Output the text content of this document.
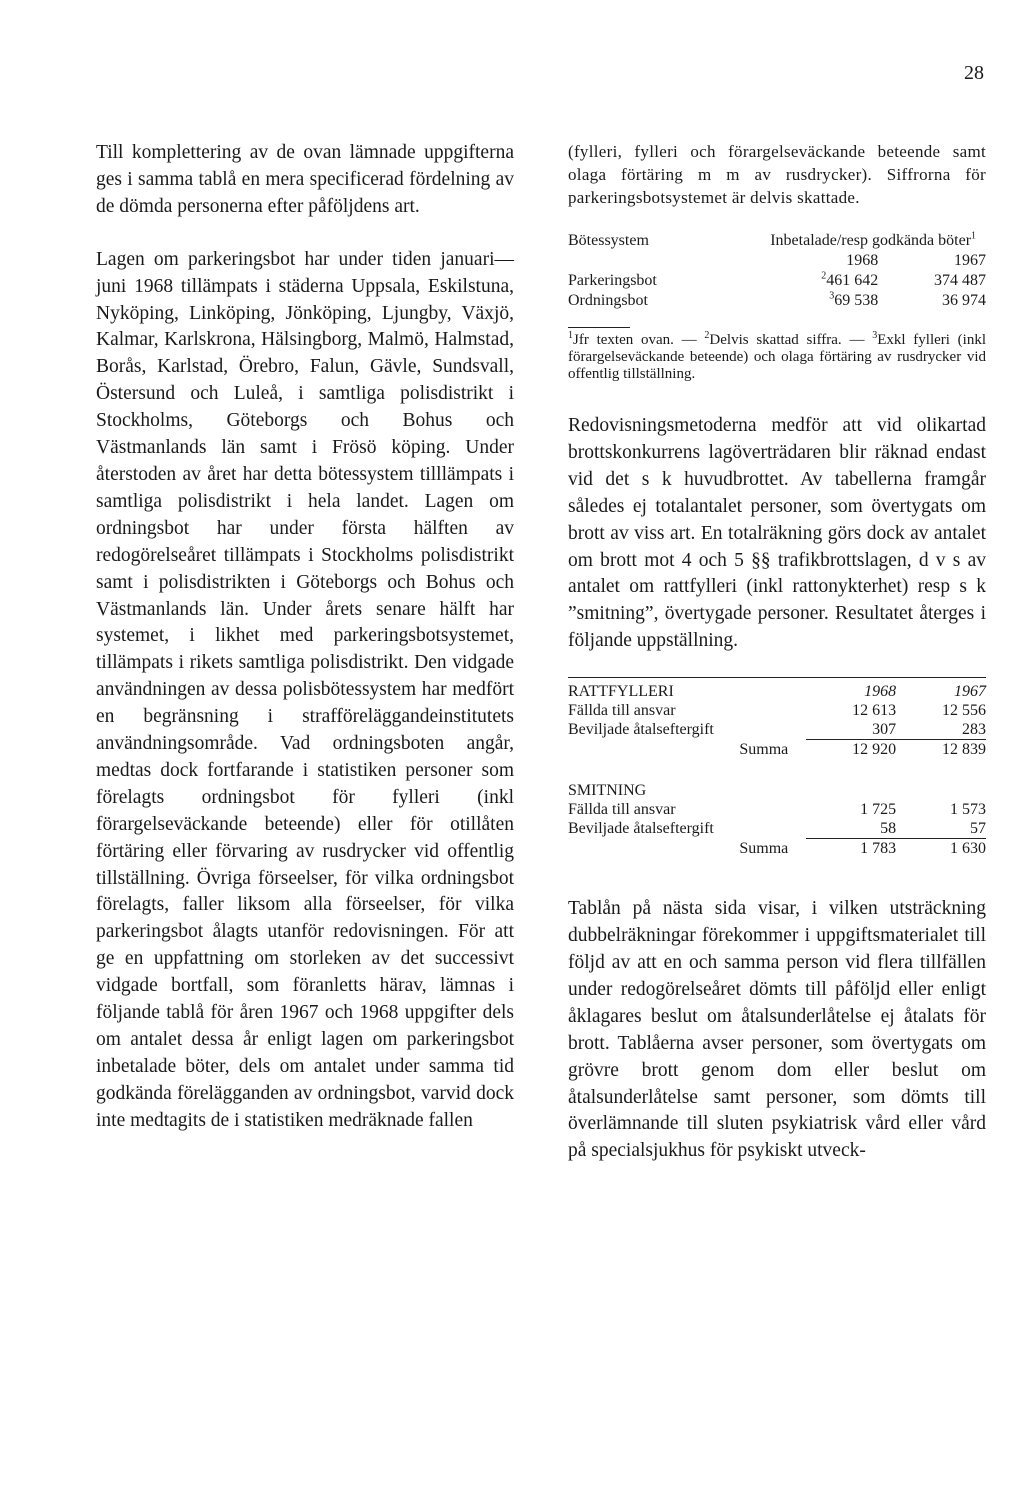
28

Till komplettering av de ovan lämnade uppgifterna ges i samma tablå en mera specificerad fördelning av de dömda personerna efter påföljdens art.

Lagen om parkeringsbot har under tiden januari—juni 1968 tillämpats i städerna Uppsala, Eskilstuna, Nyköping, Linköping, Jönköping, Ljungby, Växjö, Kalmar, Karlskrona, Hälsingborg, Malmö, Halmstad, Borås, Karlstad, Örebro, Falun, Gävle, Sundsvall, Östersund och Luleå, i samtliga polisdistrikt i Stockholms, Göteborgs och Bohus och Västmanlands län samt i Frösö köping. Under återstoden av året har detta bötessystem tilllämpats i samtliga polisdistrikt i hela landet. Lagen om ordningsbot har under första hälften av redogörelseåret tillämpats i Stockholms polisdistrikt samt i polisdistrikten i Göteborgs och Bohus och Västmanlands län. Under årets senare hälft har systemet, i likhet med parkeringsbotsystemet, tillämpats i rikets samtliga polisdistrikt. Den vidgade användningen av dessa polisbötessystem har medfört en begränsning i strafföreläggandeinstitutets användningsområde. Vad ordningsboten angår, medtas dock fortfarande i statistiken personer som förelagts ordningsbot för fylleri (inkl förargelseväckande beteende) eller för otillåten förtäring eller förvaring av rusdrycker vid offentlig tillställning. Övriga förseelser, för vilka ordningsbot förelagts, faller liksom alla förseelser, för vilka parkeringsbot ålagts utanför redovisningen. För att ge en uppfattning om storleken av det successivt vidgade bortfall, som föranletts härav, lämnas i följande tablå för åren 1967 och 1968 uppgifter dels om antalet dessa år enligt lagen om parkeringsbot inbetalade böter, dels om antalet under samma tid godkända förelägganden av ordningsbot, varvid dock inte medtagits de i statistiken medräknade fallen

(fylleri, fylleri och förargelseväckande beteende samt olaga förtäring m m av rusdrycker). Siffrorna för parkeringsbotsystemet är delvis skattade.

Bötessystem	Inbetalade/resp godkända böter$^1$
	1968	1967
Parkeringsbot	$^2$461 642	374 487
Ordningsbot	$^3$69 538	36 974
$^1$Jfr texten ovan. — $^2$Delvis skattad siffra. — $^3$Exkl fylleri (inkl förargelseväckande beteende) och olaga förtäring av rusdrycker vid offentlig tillställning.

Redovisningsmetoderna medför att vid olikartad brottskonkurrens lagöverträdaren blir räknad endast vid det s k huvudbrottet. Av tabellerna framgår således ej totalantalet personer, som övertygats om brott av viss art. En totalräkning görs dock av antalet om brott mot 4 och 5 §§ trafikbrottslagen, d v s av antalet om rattfylleri (inkl rattonykterhet) resp s k ”smitning”, övertygade personer. Resultatet återges i följande uppställning.

RATTFYLLERI	1968	1967
Fällda till ansvar	12 613	12 556
Beviljade åtalseftergift	307	283
Summa	12 920	12 839

SMITNING		
Fällda till ansvar	1 725	1 573
Beviljade åtalseftergift	58	57
Summa	1 783	1 630

Tablån på nästa sida visar, i vilken utsträckning dubbelräkningar förekommer i uppgiftsmaterialet till följd av att en och samma person vid flera tillfällen under redogörelseåret dömts till påföljd eller enligt åklagares beslut om åtalsunderlåtelse ej åtalats för brott. Tablåerna avser personer, som övertygats om grövre brott genom dom eller beslut om åtalsunderlåtelse samt personer, som dömts till överlämnande till sluten psykiatrisk vård eller vård på specialsjukhus för psykiskt utveck-
